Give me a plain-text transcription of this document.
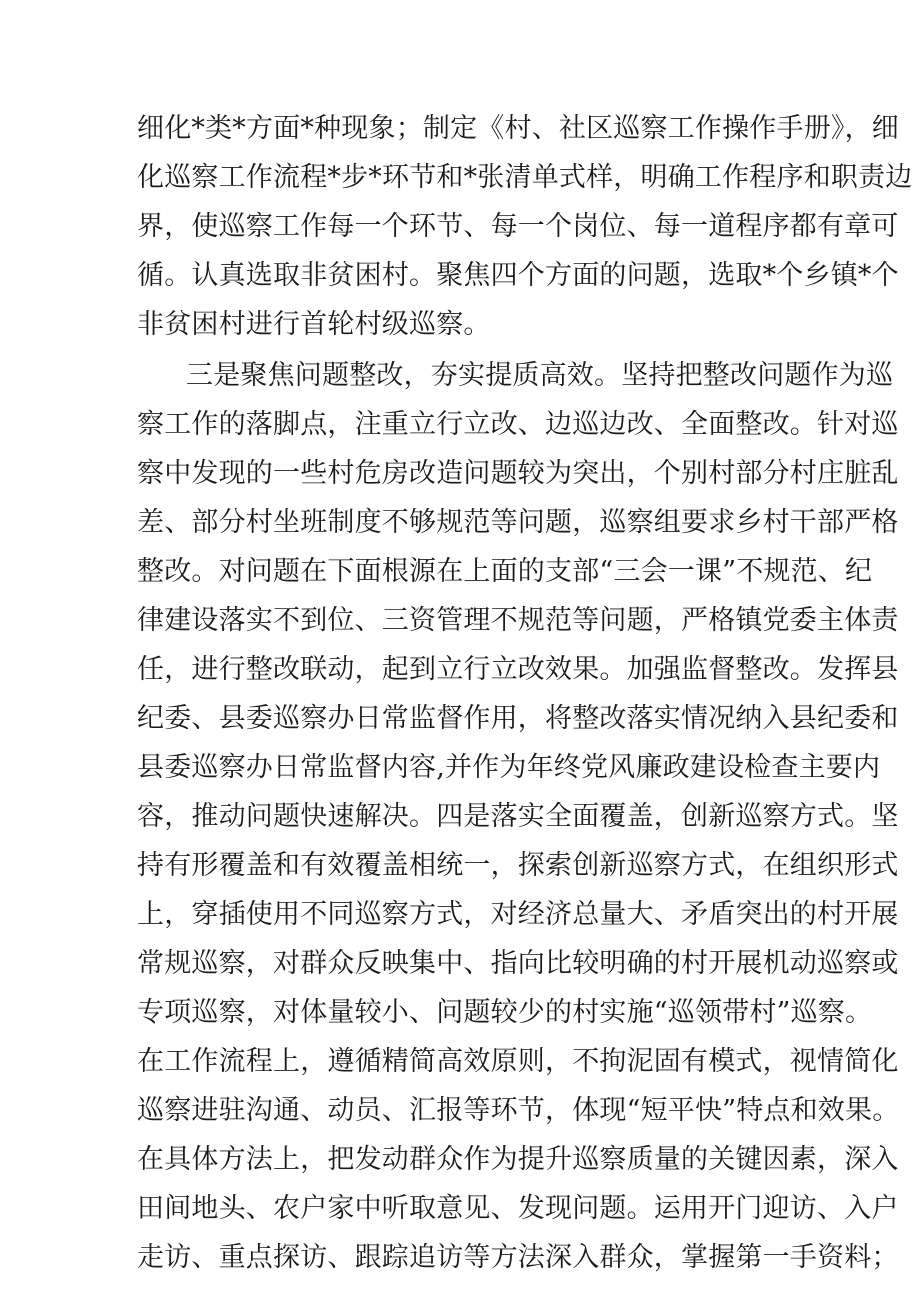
细化*类*方面*种现象；制定《村、社区巡察工作操作手册》，细
化巡察工作流程*步*环节和*张清单式样，明确工作程序和职责边
界，使巡察工作每一个环节、每一个岗位、每一道程序都有章可
循。认真选取非贫困村。聚焦四个方面的问题，选取*个乡镇*个
非贫困村进行首轮村级巡察。
三是聚焦问题整改，夯实提质高效。坚持把整改问题作为巡
察工作的落脚点，注重立行立改、边巡边改、全面整改。针对巡
察中发现的一些村危房改造问题较为突出，个别村部分村庄脏乱
差、部分村坐班制度不够规范等问题，巡察组要求乡村干部严格
整改。对问题在下面根源在上面的支部“三会一课”不规范、纪
律建设落实不到位、三资管理不规范等问题，严格镇党委主体责
任，进行整改联动，起到立行立改效果。加强监督整改。发挥县
纪委、县委巡察办日常监督作用，将整改落实情况纳入县纪委和
县委巡察办日常监督内容,并作为年终党风廉政建设检查主要内
容，推动问题快速解决。四是落实全面覆盖，创新巡察方式。坚
持有形覆盖和有效覆盖相统一，探索创新巡察方式，在组织形式
上，穿插使用不同巡察方式，对经济总量大、矛盾突出的村开展
常规巡察，对群众反映集中、指向比较明确的村开展机动巡察或
专项巡察，对体量较小、问题较少的村实施“巡领带村”巡察。
在工作流程上，遵循精简高效原则，不拘泥固有模式，视情简化
巡察进驻沟通、动员、汇报等环节，体现“短平快”特点和效果。
在具体方法上，把发动群众作为提升巡察质量的关键因素，深入
田间地头、农户家中听取意见、发现问题。运用开门迎访、入户
走访、重点探访、跟踪追访等方法深入群众，掌握第一手资料；
